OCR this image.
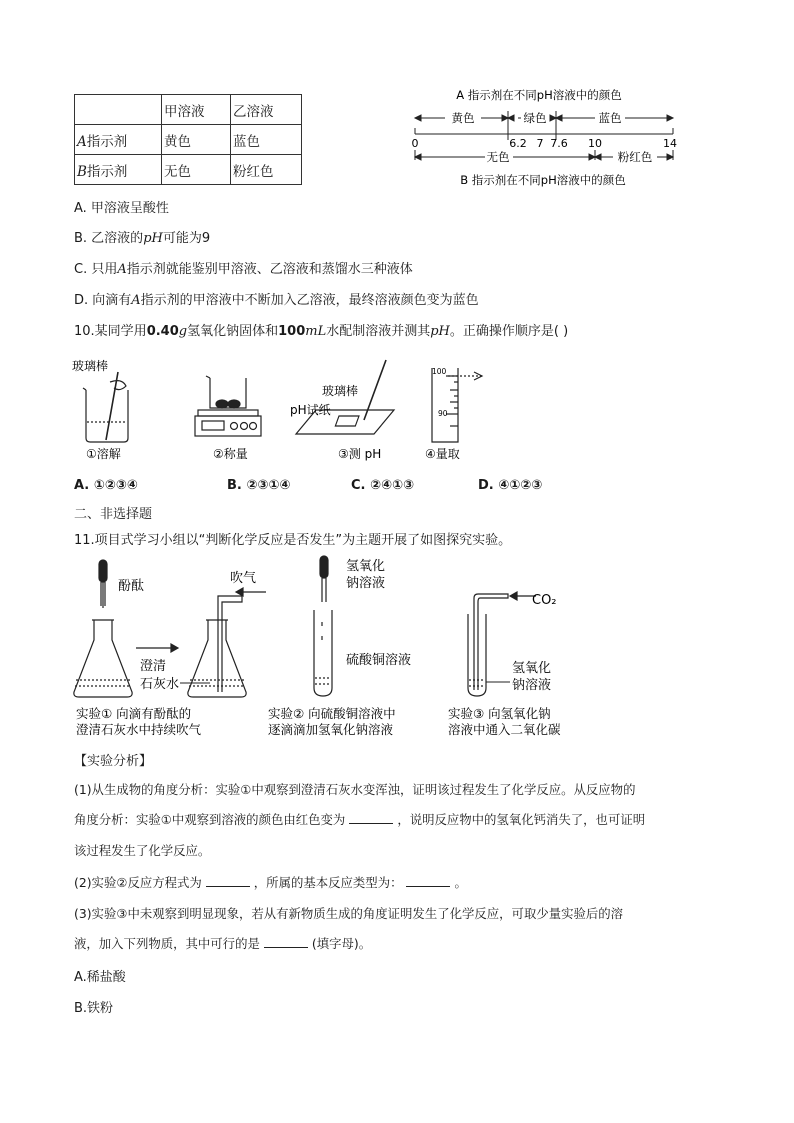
	甲溶液	乙溶液
A指示剂	黄色	蓝色
B指示剂	无色	粉红色
A 指示剂在不同pH溶液中的颜色
黄色	绿色	蓝色
0	6.2 7 7.6 10	14
无色	粉红色
B 指示剂在不同pH溶液中的颜色
A. 甲溶液呈酸性
B. 乙溶液的pH可能为9
C. 只用A指示剂就能鉴别甲溶液、乙溶液和蒸馏水三种液体
D. 向滴有A指示剂的甲溶液中不断加入乙溶液，最终溶液颜色变为蓝色
10.某同学用0.40g氢氧化钠固体和100mL水配制溶液并测其pH。正确操作顺序是( )
玻璃棒
玻璃棒
pH试纸
100
90
①溶解	②称量	③测 pH	④量取
A. ①②③④	B. ②③①④	C. ②④①③	D. ④①②③
二、非选择题
11.项目式学习小组以“判断化学反应是否发生”为主题开展了如图探究实验。
酚酞
吹气
澄清
石灰水
氢氧化
钠溶液
硫酸铜溶液
CO₂
氢氧化
钠溶液
实验① 向滴有酚酞的
澄清石灰水中持续吹气
实验② 向硫酸铜溶液中
逐滴滴加氢氧化钠溶液
实验③ 向氢氧化钠
溶液中通入二氧化碳
【实验分析】
(1)从生成物的角度分析：实验①中观察到澄清石灰水变浑浊，证明该过程发生了化学反应。从反应物的
角度分析：实验①中观察到溶液的颜色由红色变为	，说明反应物中的氢氧化钙消失了，也可证明
该过程发生了化学反应。
(2)实验②反应方程式为	，所属的基本反应类型为：	。
(3)实验③中未观察到明显现象，若从有新物质生成的角度证明发生了化学反应，可取少量实验后的溶
液，加入下列物质，其中可行的是	(填字母)。
A.稀盐酸
B.铁粉
